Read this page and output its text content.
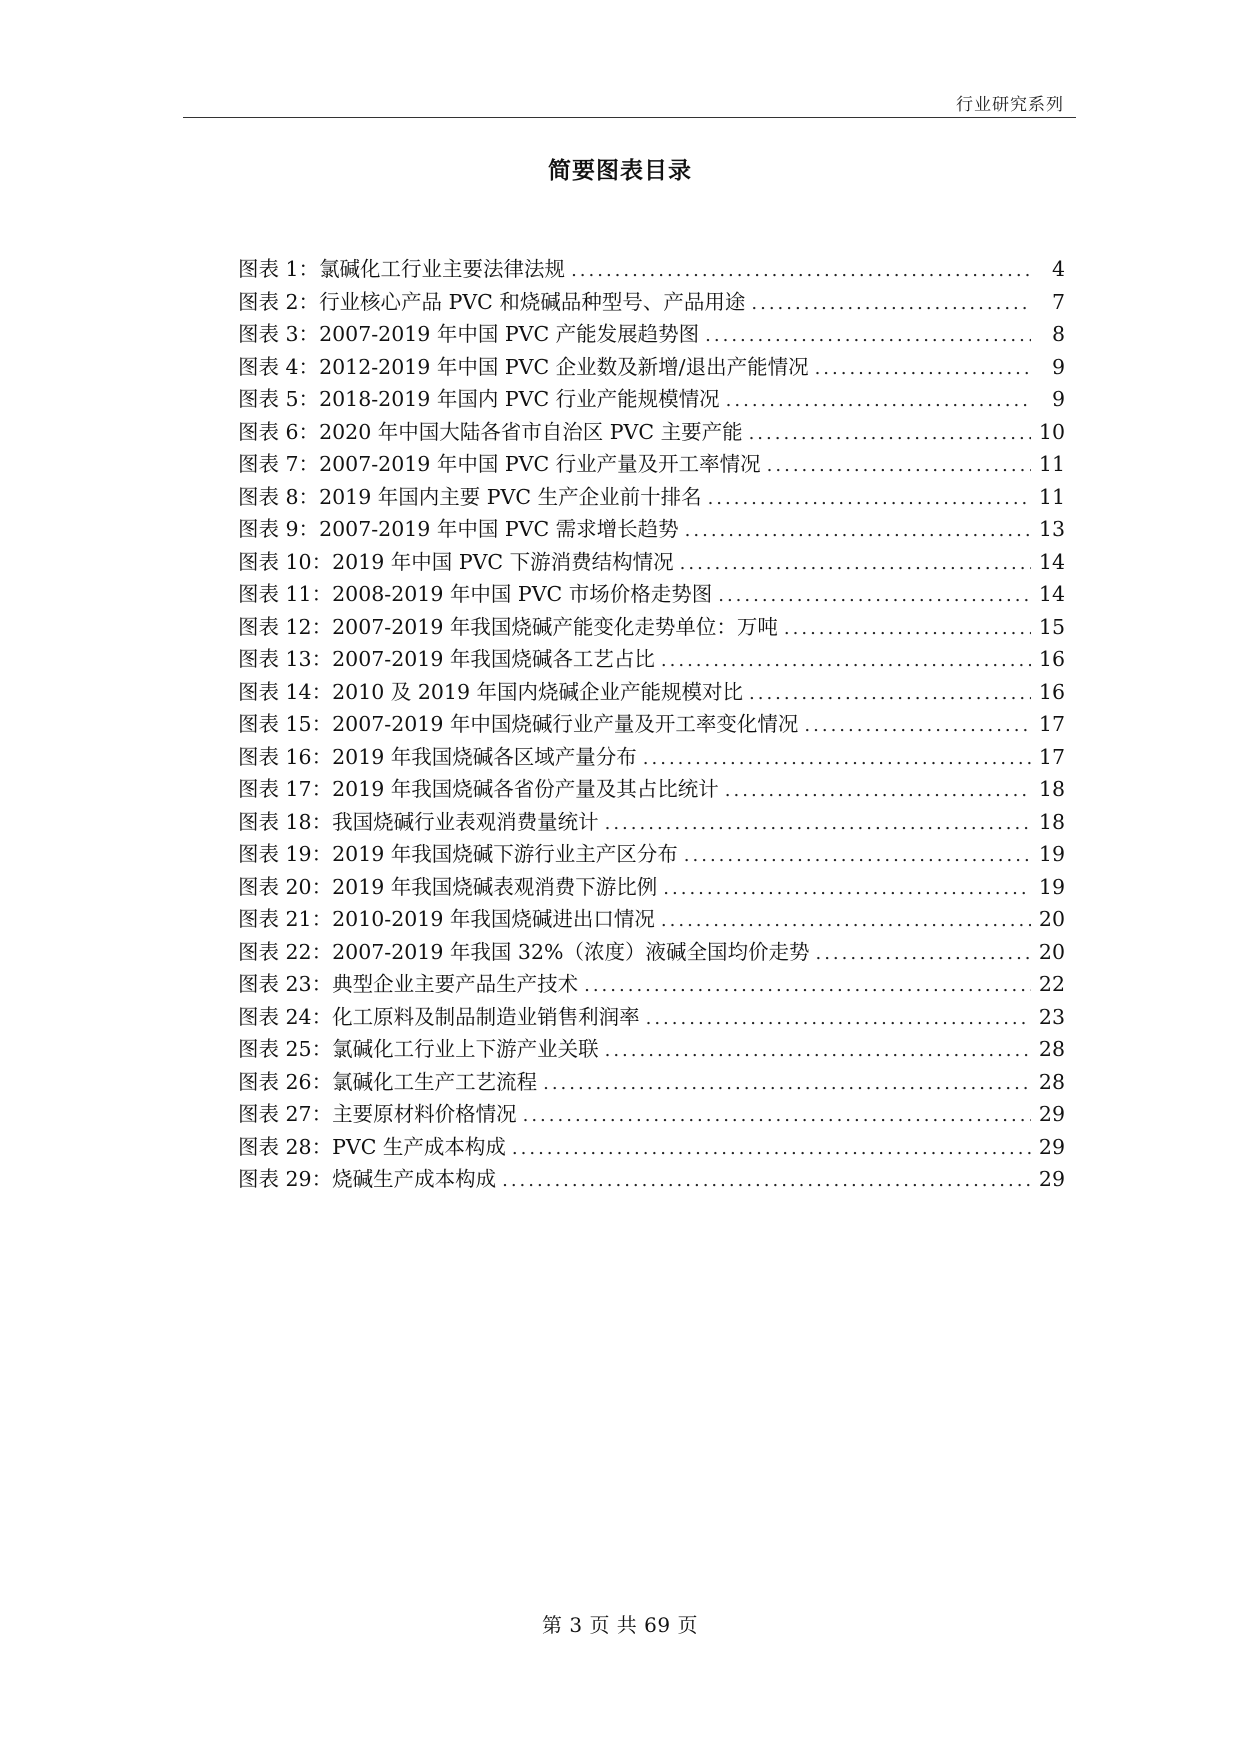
行业研究系列
简要图表目录
图表 1： 氯碱化工行业主要法律法规 .....	4
图表 2： 行业核心产品 PVC 和烧碱品种型号、产品用途 .....	7
图表 3： 2007-2019 年中国 PVC 产能发展趋势图 .....	8
图表 4： 2012-2019 年中国 PVC 企业数及新增/退出产能情况 .....	9
图表 5： 2018-2019 年国内 PVC 行业产能规模情况 .....	9
图表 6： 2020 年中国大陆各省市自治区 PVC 主要产能 .....	10
图表 7： 2007-2019 年中国 PVC 行业产量及开工率情况 .....	11
图表 8： 2019 年国内主要 PVC 生产企业前十排名 .....	11
图表 9： 2007-2019 年中国 PVC 需求增长趋势 .....	13
图表 10： 2019 年中国 PVC 下游消费结构情况 .....	14
图表 11： 2008-2019 年中国 PVC 市场价格走势图 .....	14
图表 12： 2007-2019 年我国烧碱产能变化走势单位：万吨 .....	15
图表 13： 2007-2019 年我国烧碱各工艺占比 .....	16
图表 14： 2010 及 2019 年国内烧碱企业产能规模对比 .....	16
图表 15： 2007-2019 年中国烧碱行业产量及开工率变化情况 .....	17
图表 16： 2019 年我国烧碱各区域产量分布 .....	17
图表 17： 2019 年我国烧碱各省份产量及其占比统计 .....	18
图表 18： 我国烧碱行业表观消费量统计 .....	18
图表 19： 2019 年我国烧碱下游行业主产区分布 .....	19
图表 20： 2019 年我国烧碱表观消费下游比例 .....	19
图表 21： 2010-2019 年我国烧碱进出口情况 .....	20
图表 22： 2007-2019 年我国 32%（浓度）液碱全国均价走势 .....	20
图表 23： 典型企业主要产品生产技术 .....	22
图表 24： 化工原料及制品制造业销售利润率 .....	23
图表 25： 氯碱化工行业上下游产业关联 .....	28
图表 26： 氯碱化工生产工艺流程 .....	28
图表 27： 主要原材料价格情况 .....	29
图表 28： PVC 生产成本构成 .....	29
图表 29： 烧碱生产成本构成 .....	29
第 3 页 共 69 页
